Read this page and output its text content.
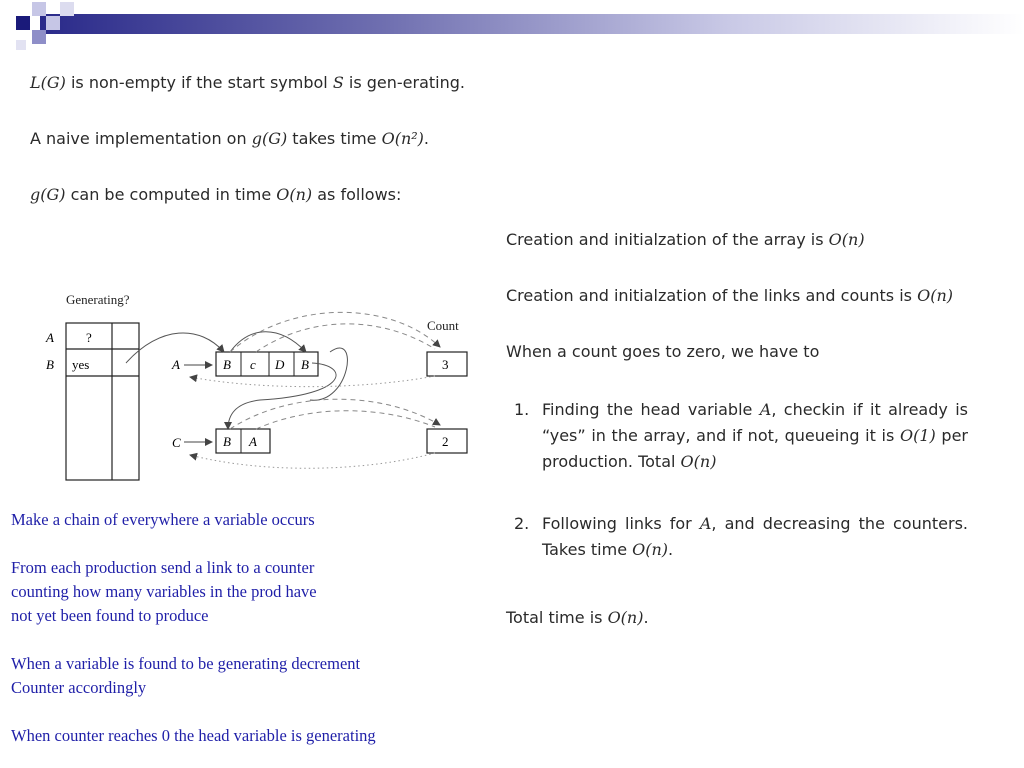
L(G) is non-empty if the start symbol S is gen-erating.

A naive implementation on g(G) takes time O(n²).

g(G) can be computed in time O(n) as follows:

Generating?
Count
A ?
B yes	A	B c D B	3
C	B A	2
Make a chain of everywhere a variable occurs
From each production send a link to a counter
counting how many variables in the prod have
not yet been found to produce
When a variable is found to be generating decrement
Counter accordingly
When counter reaches 0 the head variable is generating

Creation and initialzation of the array is O(n)

Creation and initialzation of the links and counts is O(n)

When a count goes to zero, we have to

1. Finding the head variable A, checkin if it already is “yes” in the array, and if not, queueing it is O(1) per production. Total O(n)
2. Following links for A, and decreasing the counters. Takes time O(n).

Total time is O(n).
